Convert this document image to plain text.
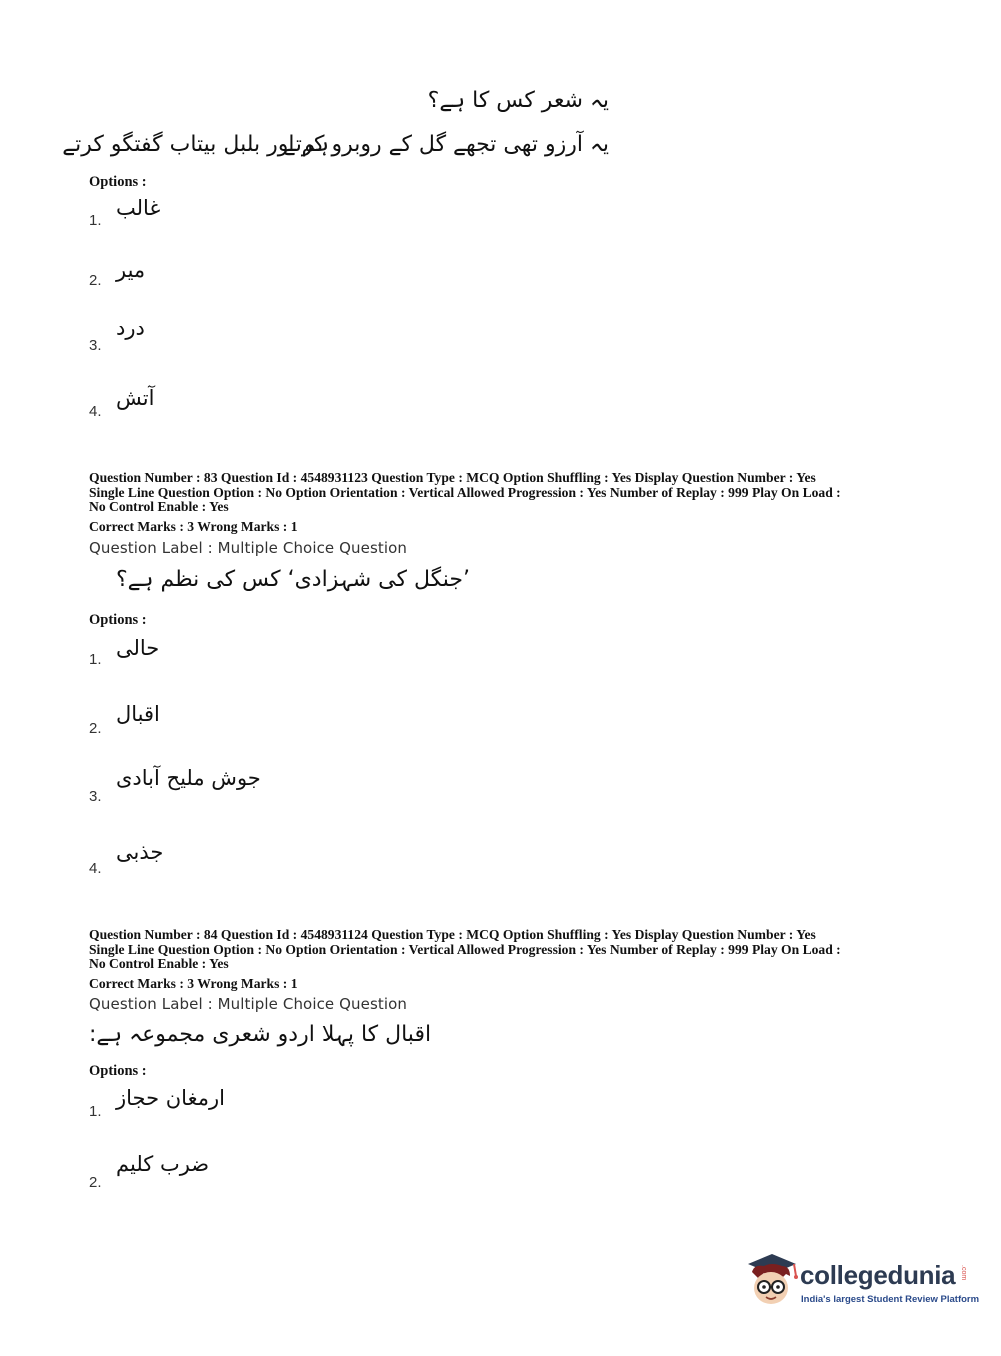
یہ شعر کس کا ہے؟
یہ آرزو تھی تجھے گل کے روبرو کرتے
ہم اور بلبل بیتاب گفتگو کرتے
Options :
1.
غالب
2. میر
3.
درد
4.
آتش
Question Number : 83 Question Id : 4548931123 Question Type : MCQ Option Shuffling : Yes Display Question Number : Yes
Single Line Question Option : No Option Orientation : Vertical Allowed Progression : Yes Number of Replay : 999 Play On Load :
No Control Enable : Yes
Correct Marks : 3 Wrong Marks : 1
Question Label : Multiple Choice Question
’جنگل کی شہزادی‘ کس کی نظم ہے؟
Options :
1. حالی
2.
اقبال
3.
جوش ملیح آبادی
4.
جذبی
Question Number : 84 Question Id : 4548931124 Question Type : MCQ Option Shuffling : Yes Display Question Number : Yes
Single Line Question Option : No Option Orientation : Vertical Allowed Progression : Yes Number of Replay : 999 Play On Load :
No Control Enable : Yes
Correct Marks : 3 Wrong Marks : 1
Question Label : Multiple Choice Question
اقبال کا پہلا اردو شعری مجموعہ ہے:
Options :
1.
ارمغان حجاز
2.
ضرب کلیم
collegedunia .com
India's largest Student Review Platform
